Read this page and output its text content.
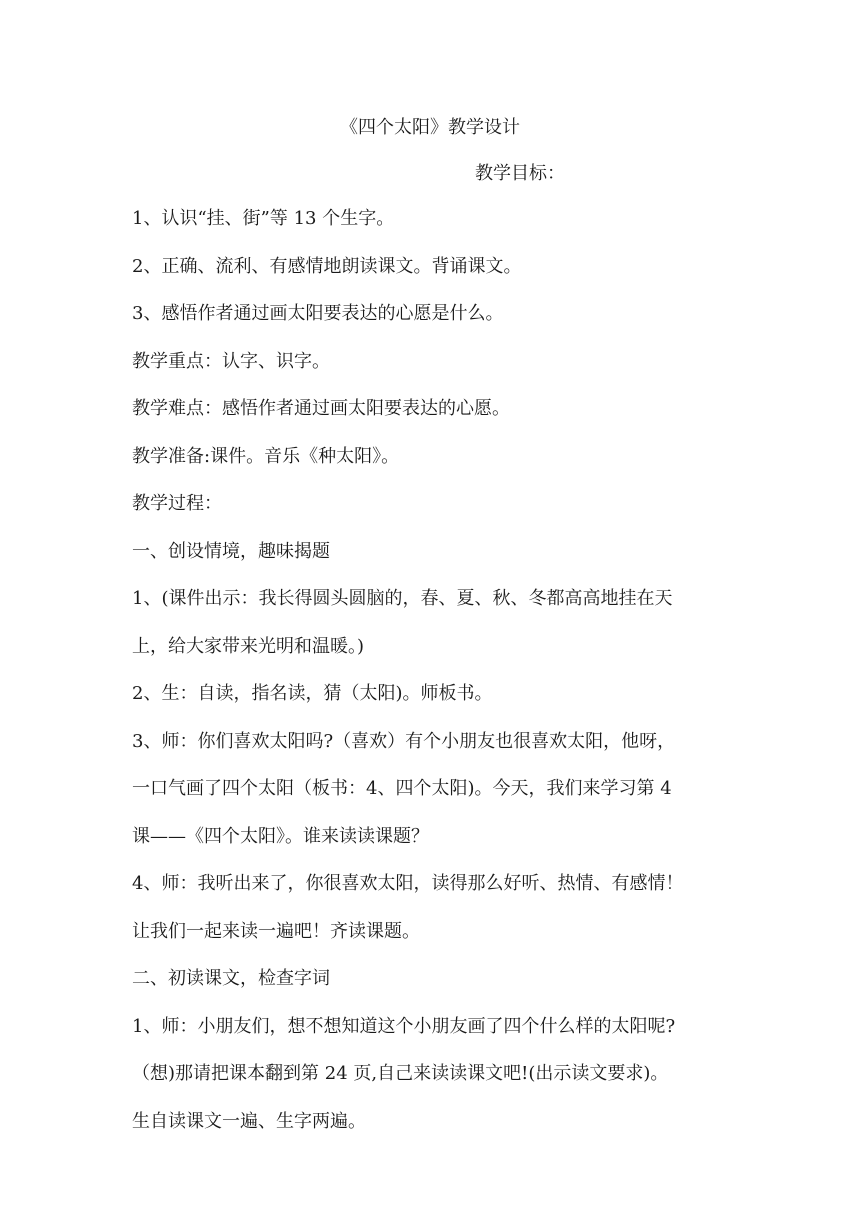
《四个太阳》教学设计
教学目标：
1、认识“挂、街”等 13 个生字。
2、正确、流利、有感情地朗读课文。背诵课文。
3、感悟作者通过画太阳要表达的心愿是什么。
教学重点：认字、识字。
教学难点：感悟作者通过画太阳要表达的心愿。
教学准备:课件。音乐《种太阳》。
教学过程：
一、创设情境，趣味揭题
1、(课件出示：我长得圆头圆脑的，春、夏、秋、冬都高高地挂在天
上，给大家带来光明和温暖。)
2、生：自读，指名读，猜（太阳)。师板书。
3、师：你们喜欢太阳吗?（喜欢）有个小朋友也很喜欢太阳，他呀，
一口气画了四个太阳（板书：4、四个太阳)。今天，我们来学习第 4
课——《四个太阳》。谁来读读课题？
4、师：我听出来了，你很喜欢太阳，读得那么好听、热情、有感情！
让我们一起来读一遍吧！齐读课题。
二、初读课文，检查字词
1、师：小朋友们，想不想知道这个小朋友画了四个什么样的太阳呢?
（想)那请把课本翻到第 24 页,自己来读读课文吧!(出示读文要求)。
生自读课文一遍、生字两遍。
